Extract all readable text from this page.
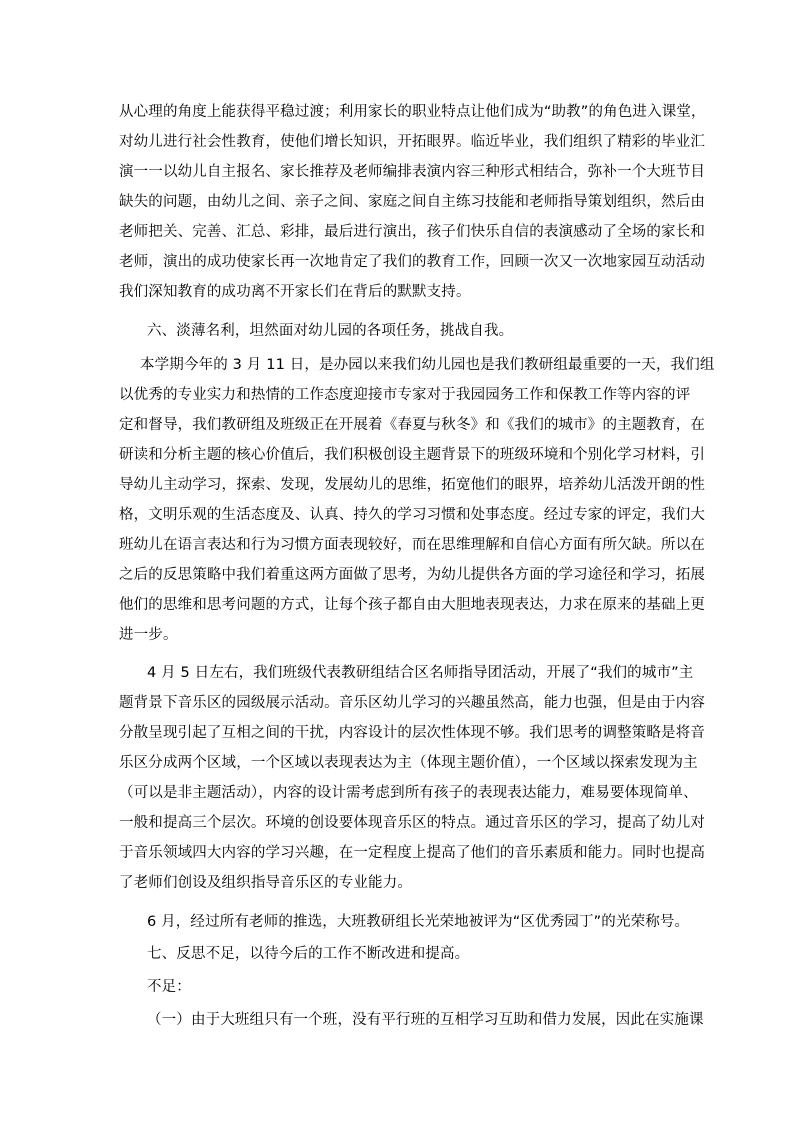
从心理的角度上能获得平稳过渡；利用家长的职业特点让他们成为“助教”的角色进入课堂，

对幼儿进行社会性教育，使他们增长知识，开拓眼界。临近毕业，我们组织了精彩的毕业汇

演一一以幼儿自主报名、家长推荐及老师编排表演内容三种形式相结合，弥补一个大班节目

缺失的问题，由幼儿之间、亲子之间、家庭之间自主练习技能和老师指导策划组织，然后由

老师把关、完善、汇总、彩排，最后进行演出，孩子们快乐自信的表演感动了全场的家长和

老师，演出的成功使家长再一次地肯定了我们的教育工作，回顾一次又一次地家园互动活动

我们深知教育的成功离不开家长们在背后的默默支持。

六、淡薄名利，坦然面对幼儿园的各项任务，挑战自我。

本学期今年的 3 月 11 日，是办园以来我们幼儿园也是我们教研组最重要的一天，我们组

以优秀的专业实力和热情的工作态度迎接市专家对于我园园务工作和保教工作等内容的评

定和督导，我们教研组及班级正在开展着《春夏与秋冬》和《我们的城市》的主题教育，在

研读和分析主题的核心价值后，我们积极创设主题背景下的班级环境和个别化学习材料，引

导幼儿主动学习，探索、发现，发展幼儿的思维，拓宽他们的眼界，培养幼儿活泼开朗的性

格，文明乐观的生活态度及、认真、持久的学习习惯和处事态度。经过专家的评定，我们大

班幼儿在语言表达和行为习惯方面表现较好，而在思维理解和自信心方面有所欠缺。所以在

之后的反思策略中我们着重这两方面做了思考，为幼儿提供各方面的学习途径和学习，拓展

他们的思维和思考问题的方式，让每个孩子都自由大胆地表现表达，力求在原来的基础上更

进一步。

4 月 5 日左右，我们班级代表教研组结合区名师指导团活动，开展了“我们的城市”主

题背景下音乐区的园级展示活动。音乐区幼儿学习的兴趣虽然高，能力也强，但是由于内容

分散呈现引起了互相之间的干扰，内容设计的层次性体现不够。我们思考的调整策略是将音

乐区分成两个区域，一个区域以表现表达为主（体现主题价值），一个区域以探索发现为主

（可以是非主题活动），内容的设计需考虑到所有孩子的表现表达能力，难易要体现简单、

一般和提高三个层次。环境的创设要体现音乐区的特点。通过音乐区的学习，提高了幼儿对

于音乐领域四大内容的学习兴趣，在一定程度上提高了他们的音乐素质和能力。同时也提高

了老师们创设及组织指导音乐区的专业能力。

6 月，经过所有老师的推选，大班教研组长光荣地被评为“区优秀园丁”的光荣称号。

七、反思不足，以待今后的工作不断改进和提高。

不足：

（一）由于大班组只有一个班，没有平行班的互相学习互助和借力发展，因此在实施课
